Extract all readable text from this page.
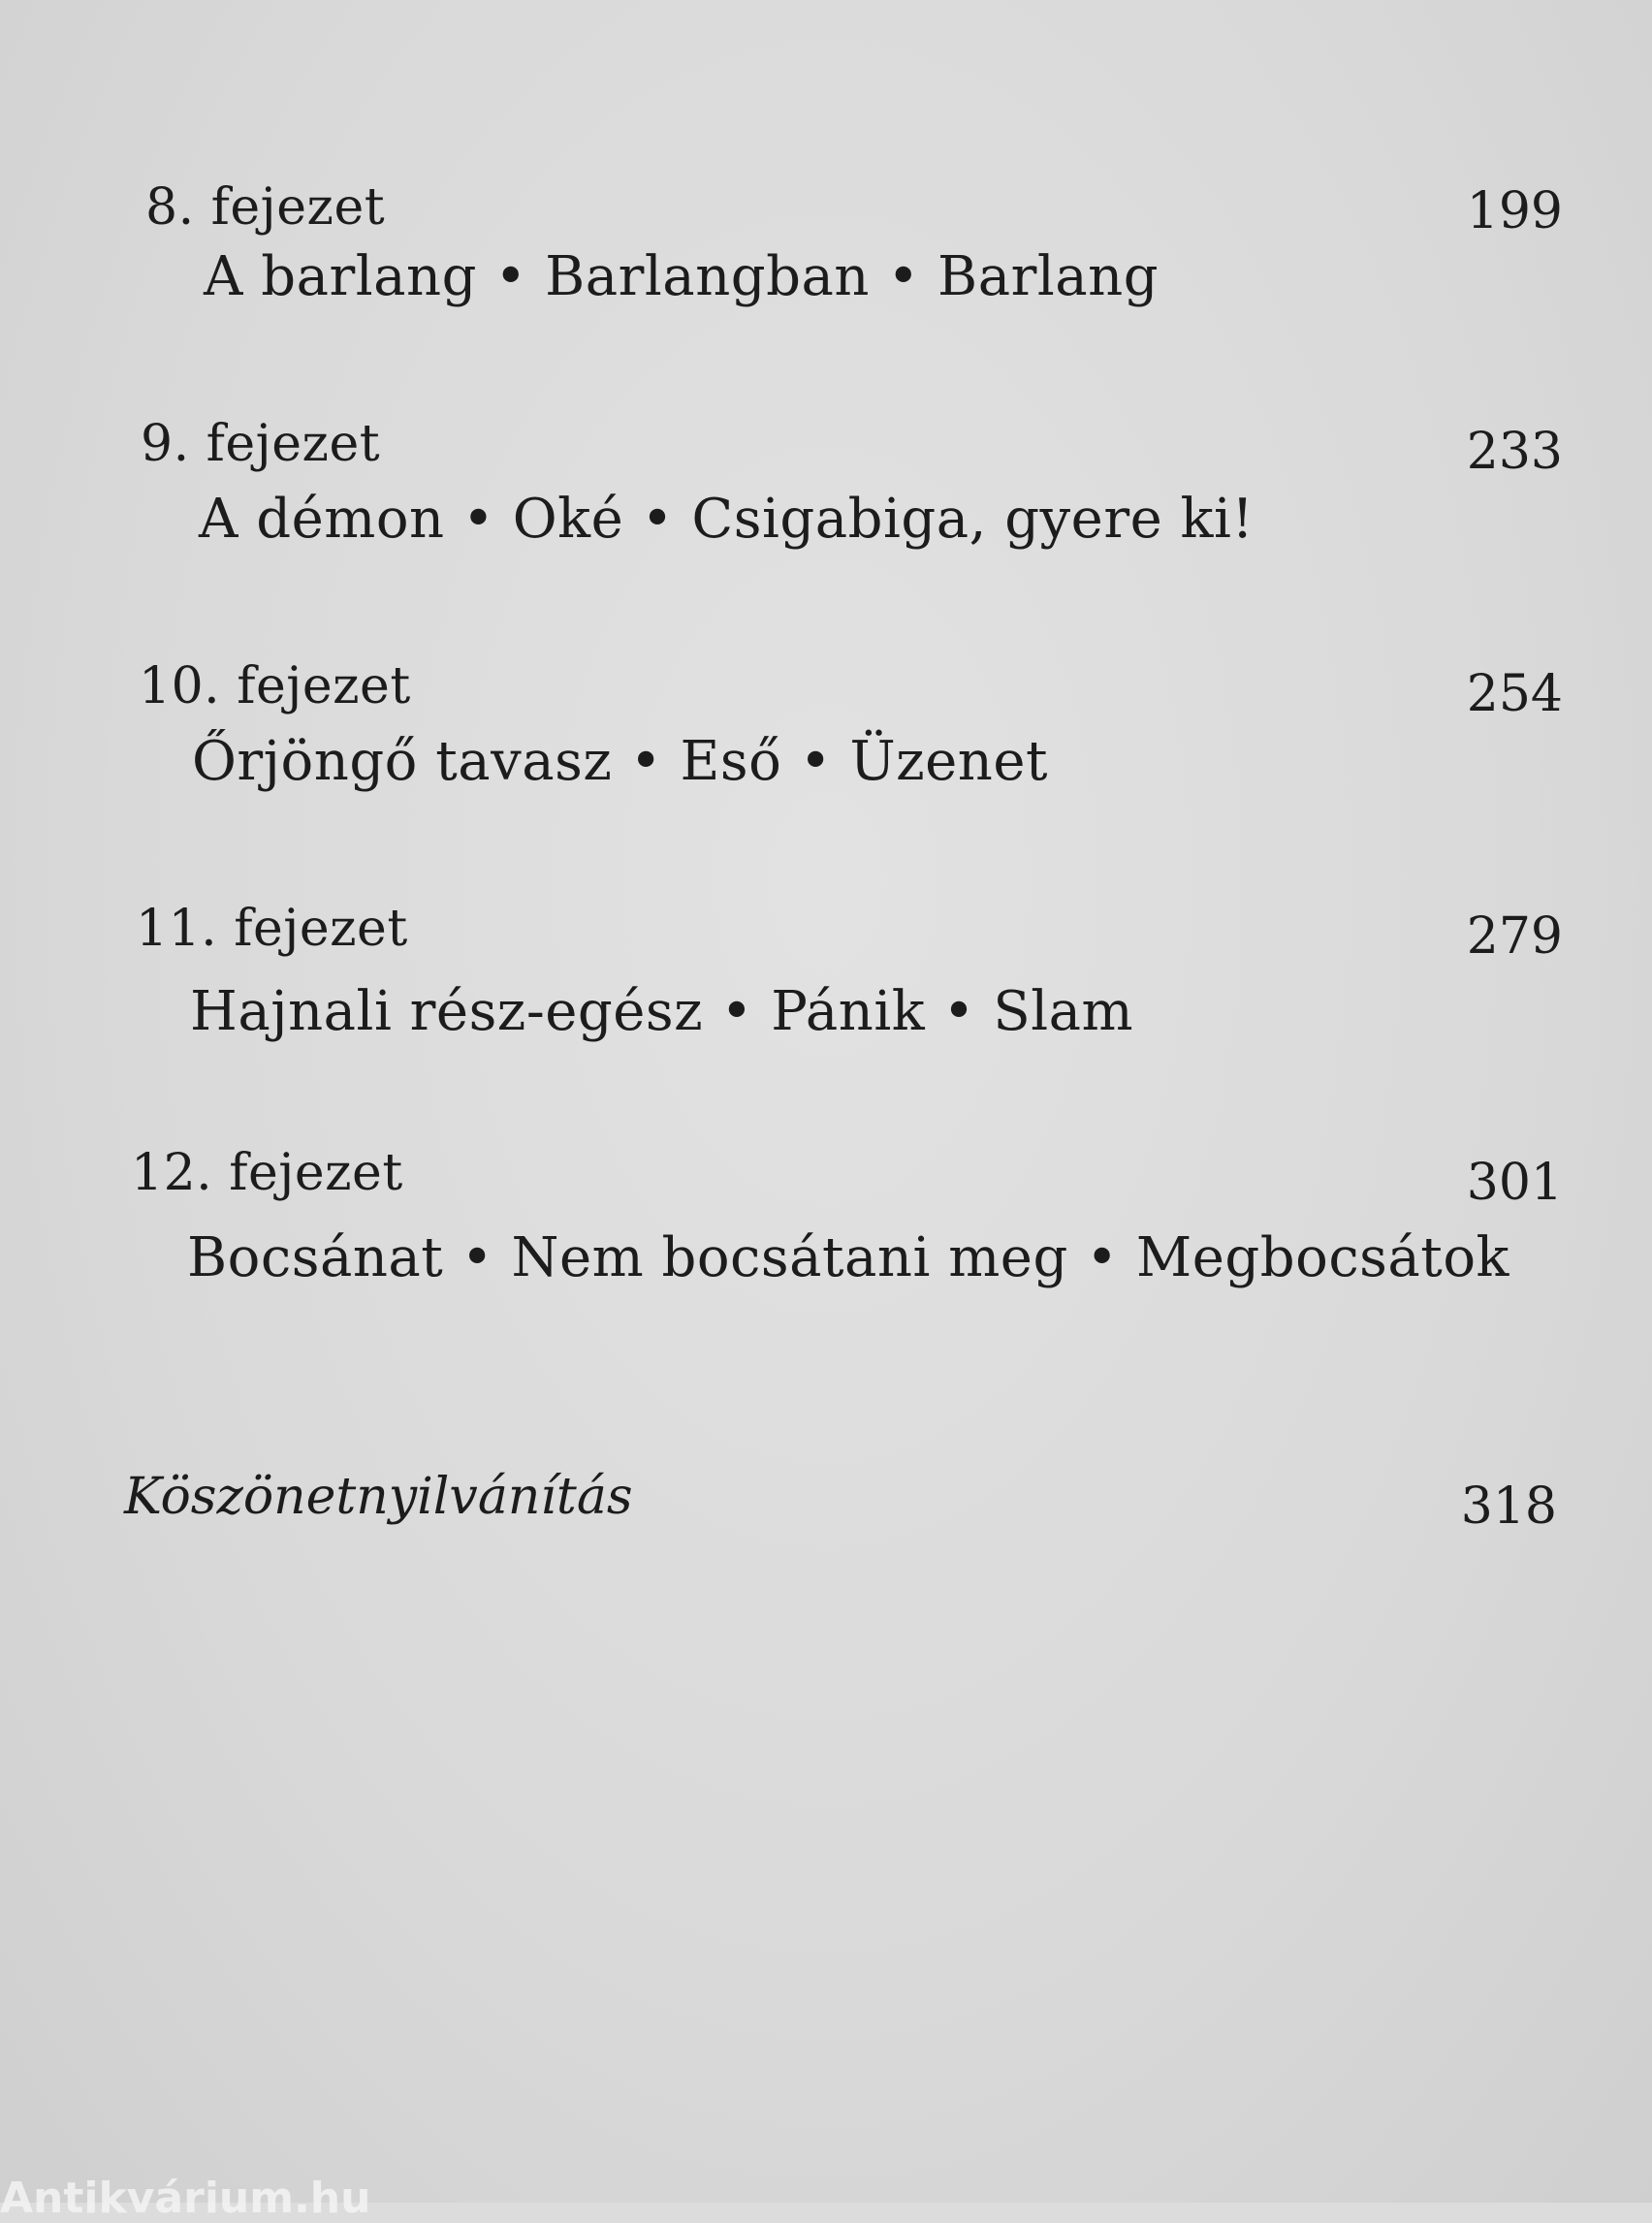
8. fejezet	199
A barlang • Barlangban • Barlang
9. fejezet	233
A démon • Oké • Csigabiga, gyere ki!
10. fejezet	254
Őrjöngő tavasz • Eső • Üzenet
11. fejezet	279
Hajnali rész-egész • Pánik • Slam
12. fejezet	301
Bocsánat • Nem bocsátani meg • Megbocsátok
Köszönetnyilvánítás	318
Antikvárium.hu
